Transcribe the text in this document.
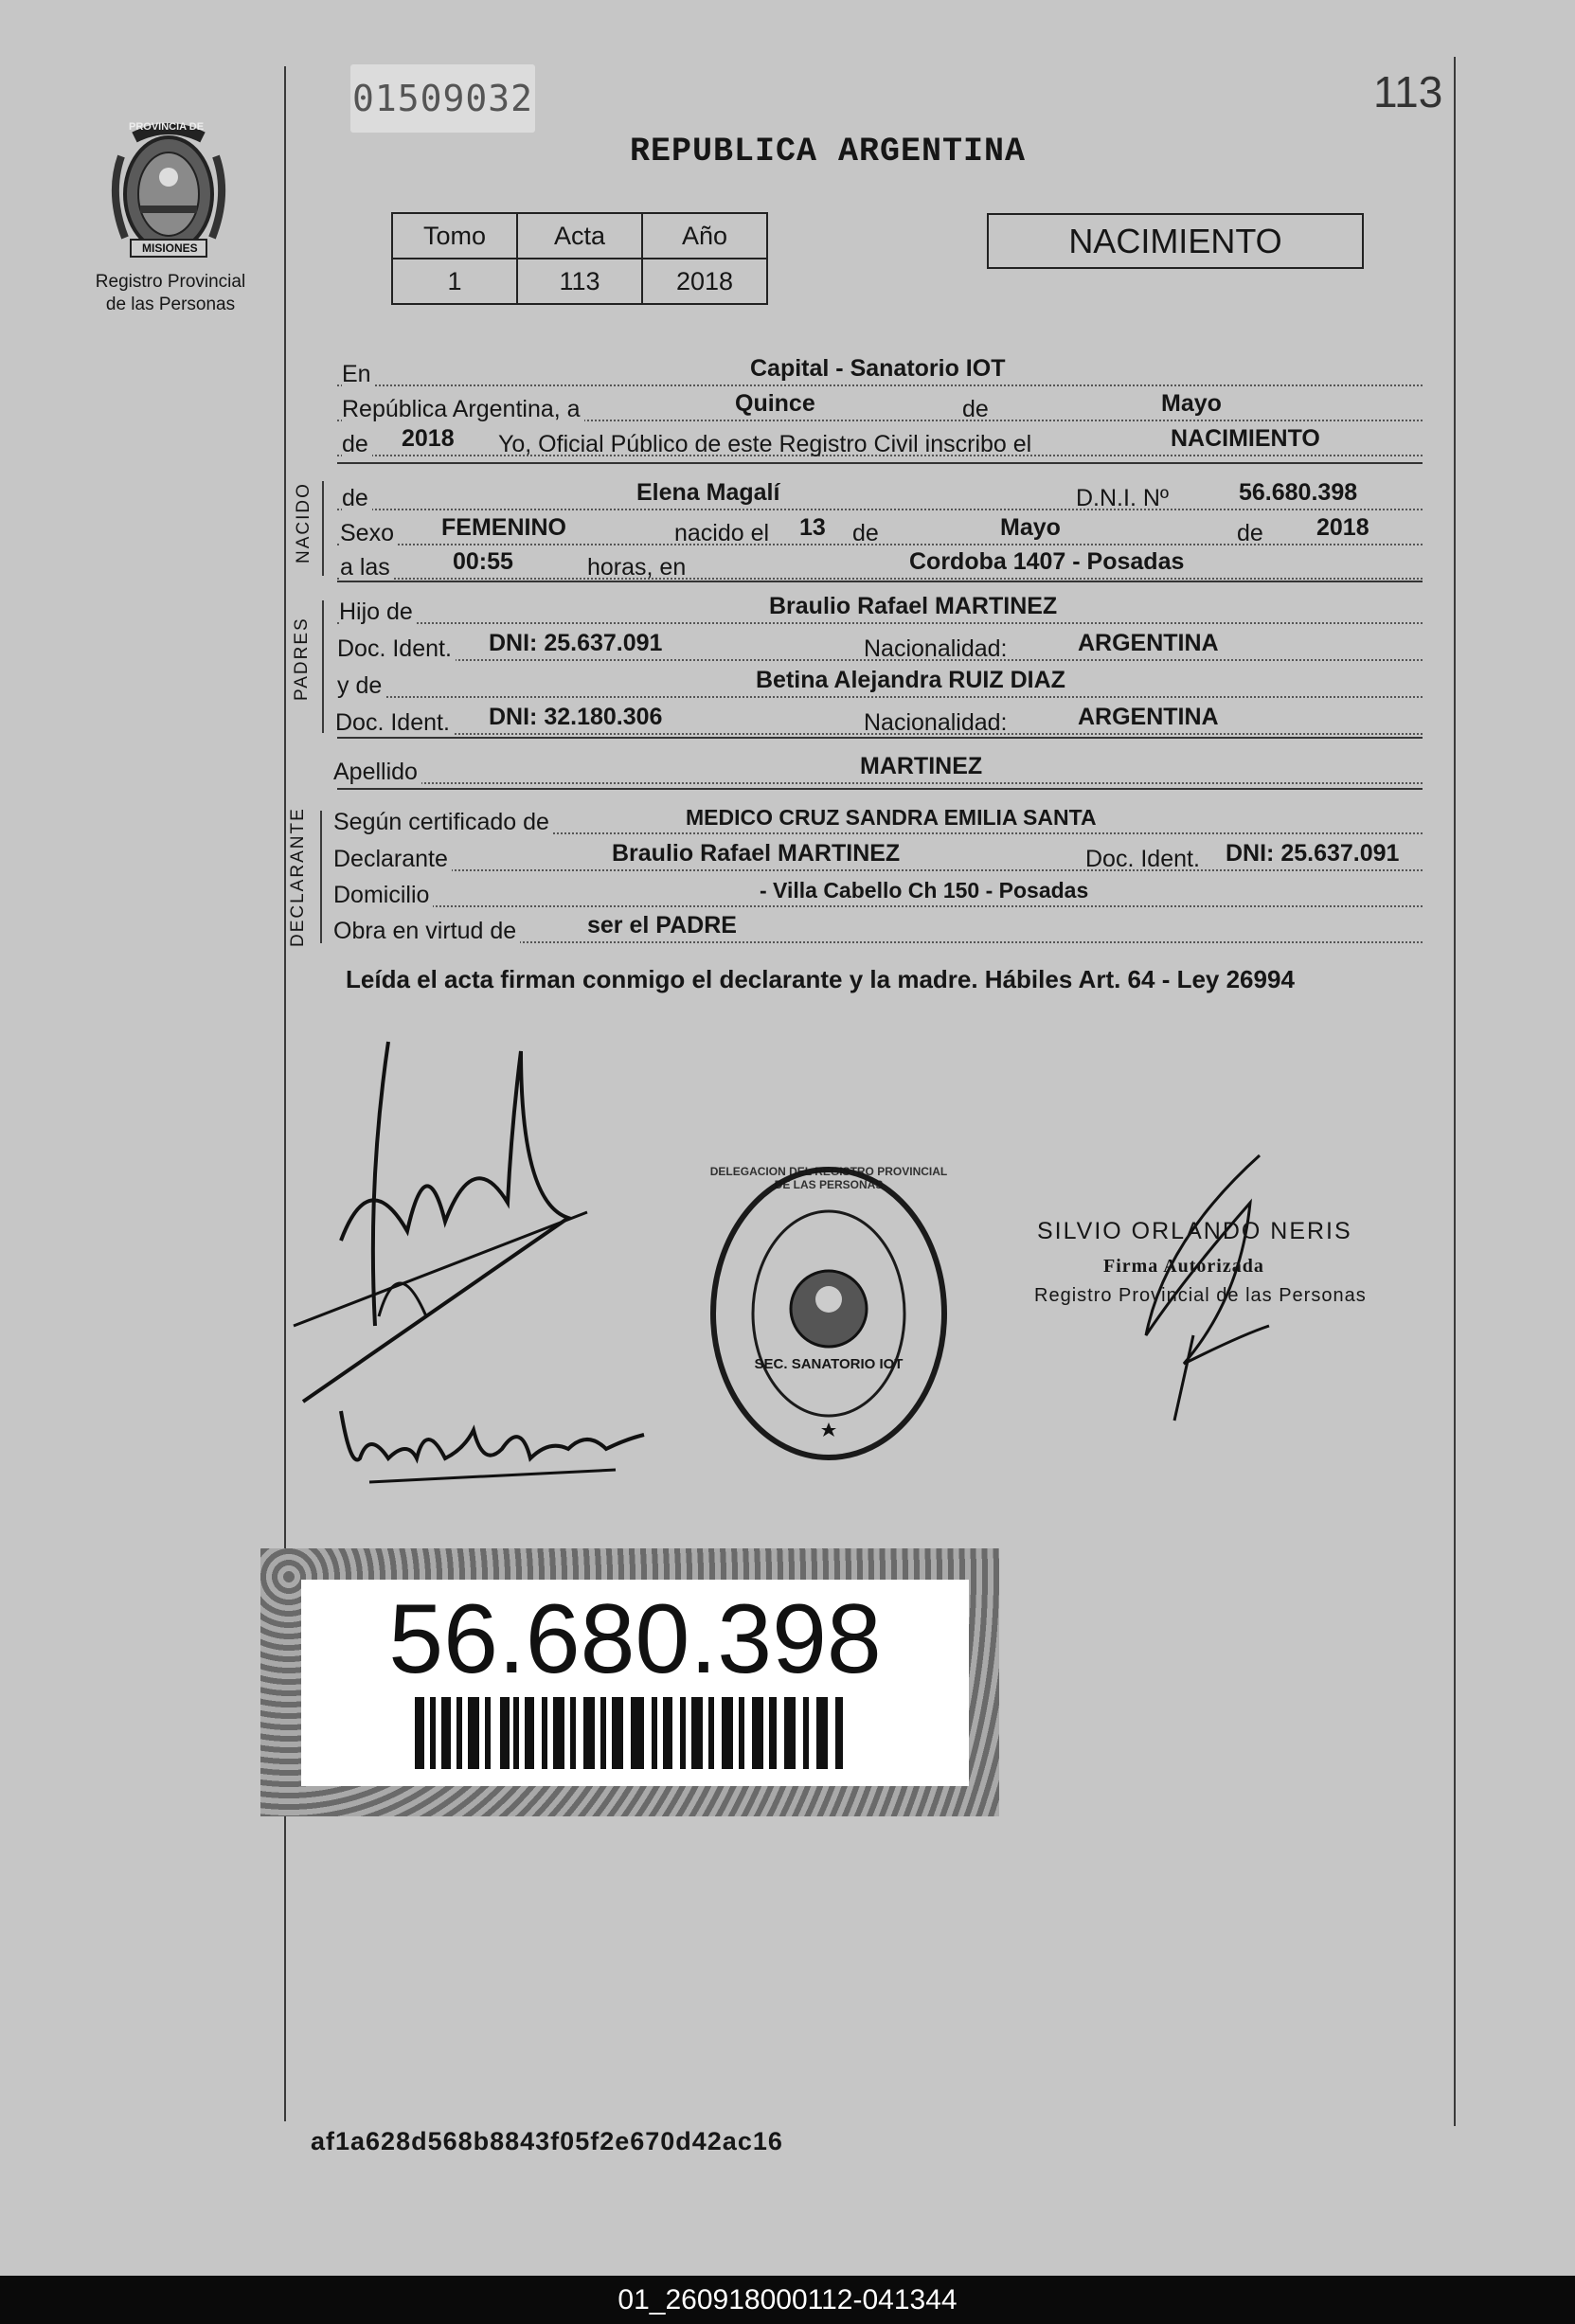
PROVINCIA DE
MISIONES
Registro Provincial
de las Personas
01509032	113
REPUBLICA ARGENTINA
Tomo	Acta	Año
1	113	2018
NACIMIENTO
En	Capital - Sanatorio IOT
República Argentina, a	Quince	de	Mayo
de 2018 Yo, Oficial Público de este Registro Civil inscribo el	NACIMIENTO
NACIDO de	Elena Magalí	D.N.I. Nº	56.680.398
Sexo FEMENINO	nacido el 13 de	Mayo	de 2018
a las	00:55	horas, en	Cordoba 1407 - Posadas
PADRES
Hijo de	Braulio Rafael MARTINEZ
Doc. Ident. DNI: 25.637.091	Nacionalidad:	ARGENTINA
y de	Betina Alejandra RUIZ DIAZ
Doc. Ident. DNI: 32.180.306	Nacionalidad:	ARGENTINA
Apellido	MARTINEZ
DECLARANTE Según certificado de	MEDICO CRUZ SANDRA EMILIA SANTA
Declarante	Braulio Rafael MARTINEZ	Doc. Ident. DNI: 25.637.091
Domicilio	- Villa Cabello Ch 150 - Posadas
Obra en virtud de	ser el PADRE
Leída el acta firman conmigo el declarante y la madre. Hábiles Art. 64 - Ley 26994
DELEGACION DEL REGISTRO PROVINCIAL DE LAS PERSONAS
SEC. SANATORIO IOT
SILVIO ORLANDO NERIS
Firma Autorizada
Registro Provincial de las Personas
56.680.398
af1a628d568b8843f05f2e670d42ac16
01_260918000112-041344
